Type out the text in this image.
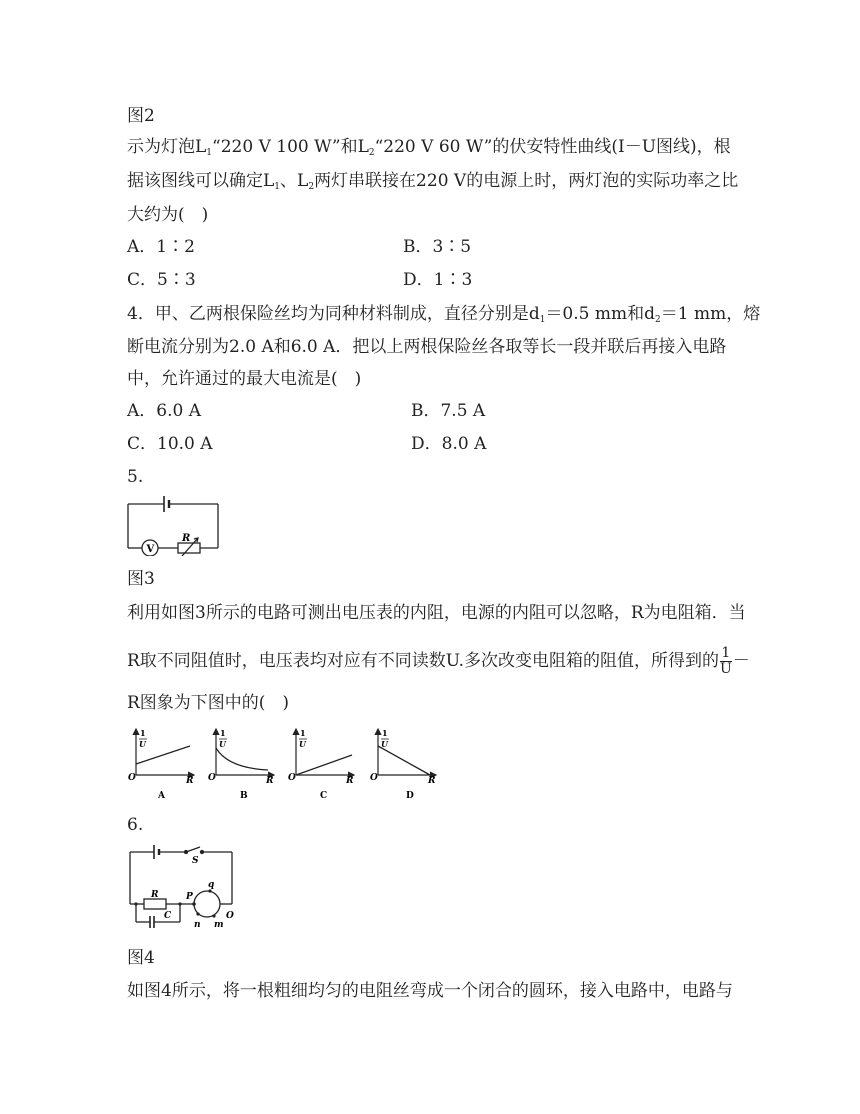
图2
示为灯泡$L_1“220$ V 100 W”和$L_2“220$ V 60 W”的伏安特性曲线(I－U图线)，根
据该图线可以确定$L_1$、$L_2$两灯串联接在220 V的电源上时，两灯泡的实际功率之比
大约为(　)
A．1∶2	B．3∶5
C．5∶3	D．1∶3
4．甲、乙两根保险丝均为同种材料制成，直径分别是$d_1=0.5$ mm和$d_2=1$ mm，熔
断电流分别为2.0 A和6.0 A．把以上两根保险丝各取等长一段并联后再接入电路
中，允许通过的最大电流是(　)
A．6.0 A	B．7.5 A
C．10.0 A	D．8.0 A
5.
V
R
图3
利用如图3所示的电路可测出电压表的内阻，电源的内阻可以忽略，R为电阻箱．当
R取不同阻值时，电压表均对应有不同读数U.多次改变电阻箱的阻值，所得到的 $\frac{1}{U}$ －
R图象为下图中的(　)
1
U
O	R
A
1
U
O	R
B
1
U
O	R
C
1
U
O	R
D
6.
S
R
C
P
q
O
n m
图4
如图4所示，将一根粗细均匀的电阻丝弯成一个闭合的圆环，接入电路中，电路与
